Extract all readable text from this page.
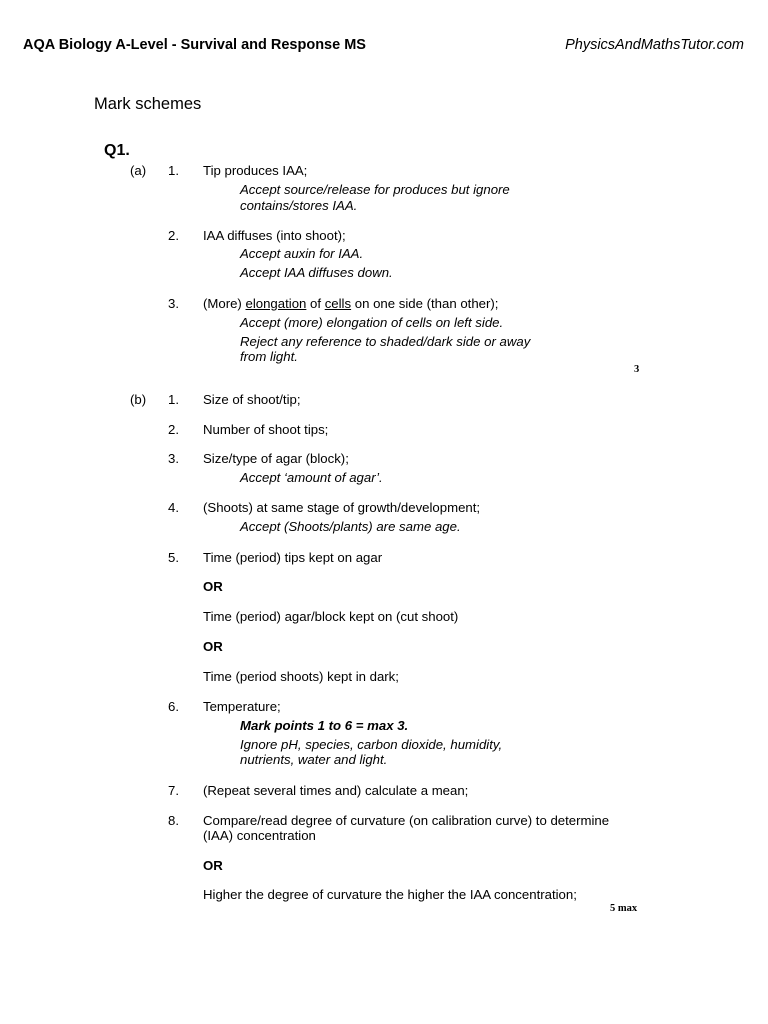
AQA Biology A-Level - Survival and Response MS	PhysicsAndMathsTutor.com
Mark schemes
Q1.
(a) 1. Tip produces IAA;
Accept source/release for produces but ignore
contains/stores IAA.
2. IAA diffuses (into shoot);
Accept auxin for IAA.
Accept IAA diffuses down.
3. (More) elongation of cells on one side (than other);
Accept (more) elongation of cells on left side.
Reject any reference to shaded/dark side or away
from light.
3
(b) 1. Size of shoot/tip;
2. Number of shoot tips;
3. Size/type of agar (block);
Accept ‘amount of agar’.
4. (Shoots) at same stage of growth/development;
Accept (Shoots/plants) are same age.
5. Time (period) tips kept on agar
OR
Time (period) agar/block kept on (cut shoot)
OR
Time (period shoots) kept in dark;
6. Temperature;
Mark points 1 to 6 = max 3.
Ignore pH, species, carbon dioxide, humidity,
nutrients, water and light.
7. (Repeat several times and) calculate a mean;
8. Compare/read degree of curvature (on calibration curve) to determine
(IAA) concentration
OR
Higher the degree of curvature the higher the IAA concentration;
5 max
